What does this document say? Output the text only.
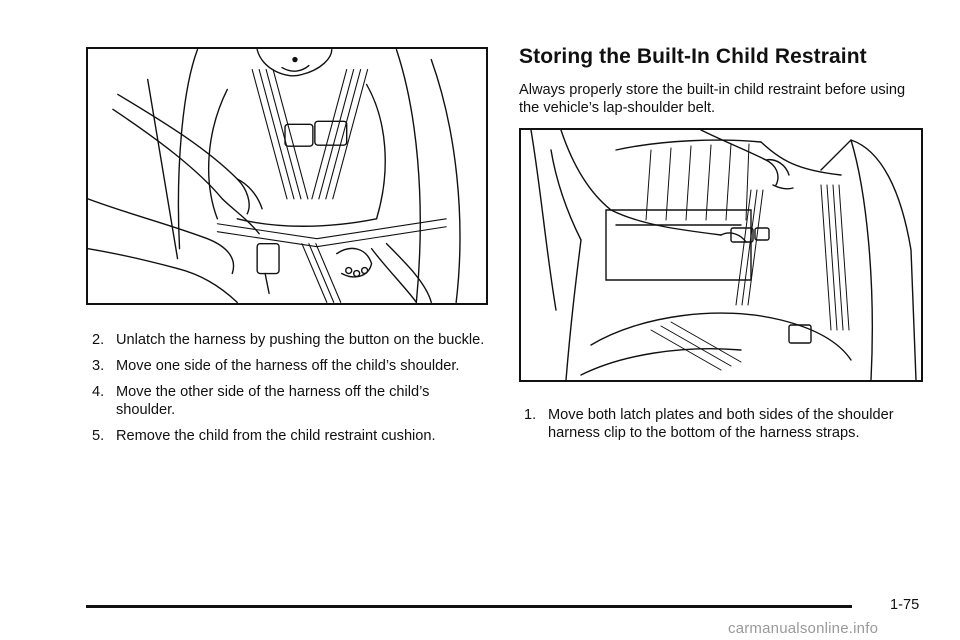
2. Unlatch the harness by pushing the button on the buckle.
3. Move one side of the harness off the child’s shoulder.
4. Move the other side of the harness off the child’s shoulder.
5. Remove the child from the child restraint cushion.
Storing the Built-In Child Restraint

Always properly store the built-in child restraint before using the vehicle’s lap-shoulder belt.

1. Move both latch plates and both sides of the shoulder harness clip to the bottom of the harness straps.
1-75
carmanualsonline.info
